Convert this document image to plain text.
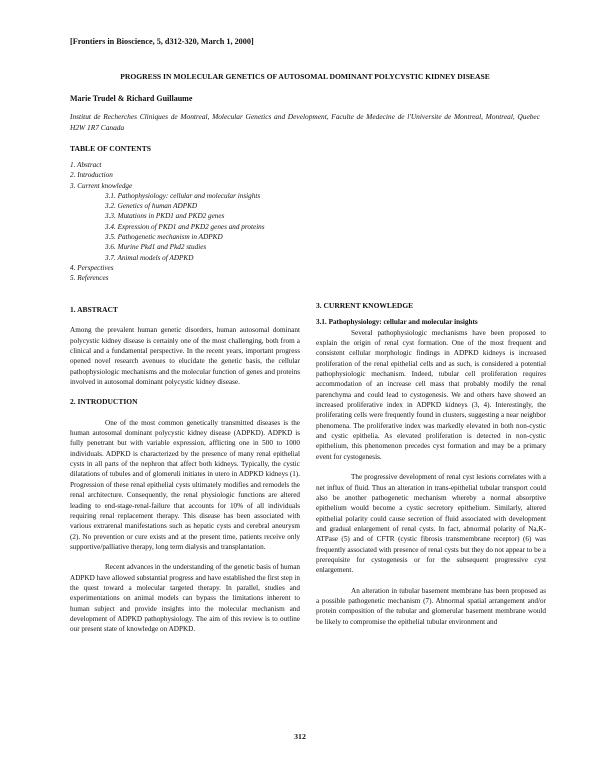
[Frontiers in Bioscience, 5, d312-320, March 1, 2000]
PROGRESS IN MOLECULAR GENETICS OF AUTOSOMAL DOMINANT POLYCYSTIC KIDNEY DISEASE
Marie Trudel & Richard Guillaume
Institut de Recherches Cliniques de Montreal, Molecular Genetics and Development, Faculte de Medecine de l'Universite de Montreal, Montreal, Quebec H2W 1R7 Canada
TABLE OF CONTENTS
1. Abstract
2. Introduction
3. Current knowledge
3.1. Pathophysiology: cellular and molecular insights
3.2. Genetics of human ADPKD
3.3. Mutations in PKD1 and PKD2 genes
3.4. Expression of PKD1 and PKD2 genes and proteins
3.5. Pathogenetic mechanism in ADPKD
3.6. Murine Pkd1 and Pkd2 studies
3.7. Animal models of ADPKD
4. Perspectives
5. References

1. ABSTRACT

Among the prevalent human genetic disorders, human autosomal dominant polycystic kidney disease is certainly one of the most challenging, both from a clinical and a fundamental perspective. In the recent years, important progress opened novel research avenues to elucidate the genetic basis, the cellular pathophysiologic mechanisms and the molecular function of genes and proteins involved in autosomal dominant polycystic kidney disease.

2. INTRODUCTION

One of the most common genetically transmitted diseases is the human autosomal dominant polycystic kidney disease (ADPKD). ADPKD is fully penetrant but with variable expression, afflicting one in 500 to 1000 individuals. ADPKD is characterized by the presence of many renal epithelial cysts in all parts of the nephron that affect both kidneys. Typically, the cystic dilatations of tubules and of glomeruli initiates in utero in ADPKD kidneys (1). Progression of these renal epithelial cysts ultimately modifies and remodels the renal architecture. Consequently, the renal physiologic functions are altered leading to end-stage-renal-failure that accounts for 10% of all individuals requiring renal replacement therapy. This disease has been associated with various extrarenal manifestations such as hepatic cysts and cerebral aneurysm (2). No prevention or cure exists and at the present time, patients receive only supportive/palliative therapy, long term dialysis and transplantation.

Recent advances in the understanding of the genetic basis of human ADPKD have allowed substantial progress and have established the first step in the quest toward a molecular targeted therapy. In parallel, studies and experimentations on animal models can bypass the limitations inherent to human subject and provide insights into the molecular mechanism and development of ADPKD pathophysiology. The aim of this review is to outline our present state of knowledge on ADPKD.

3. CURRENT KNOWLEDGE

3.1. Pathophysiology: cellular and molecular insights

Several pathophysiologic mechanisms have been proposed to explain the origin of renal cyst formation. One of the most frequent and consistent cellular morphologic findings in ADPKD kidneys is increased proliferation of the renal epithelial cells and as such, is considered a potential pathophysiologic mechanism. Indeed, tubular cell proliferation requires accommodation of an increase cell mass that probably modify the renal parenchyma and could lead to cystogenesis. We and others have showed an increased proliferative index in ADPKD kidneys (3, 4). Interestingly, the proliferating cells were frequently found in clusters, suggesting a near neighbor phenomena. The proliferative index was markedly elevated in both non-cystic and cystic epithelia. As elevated proliferation is detected in non-cystic epithelium, this phenomenon precedes cyst formation and may be a primary event for cystogenesis.

The progressive development of renal cyst lesions correlates with a net influx of fluid. Thus an alteration in trans-epithelial tubular transport could also be another pathogenetic mechanism whereby a normal absorptive epithelium would become a cystic secretory epithelium. Similarly, altered epithelial polarity could cause secretion of fluid associated with development and gradual enlargement of renal cysts. In fact, abnormal polarity of Na,K-ATPase (5) and of CFTR (cystic fibrosis transmembrane receptor) (6) was frequently associated with presence of renal cysts but they do not appear to be a prerequisite for cystogenesis or for the subsequent progressive cyst enlargement.

An alteration in tubular basement membrane has been proposed as a possible pathogenetic mechanism (7). Abnormal spatial arrangement and/or protein composition of the tubular and glomerular basement membrane would be likely to compromise the epithelial tubular environment and

312
